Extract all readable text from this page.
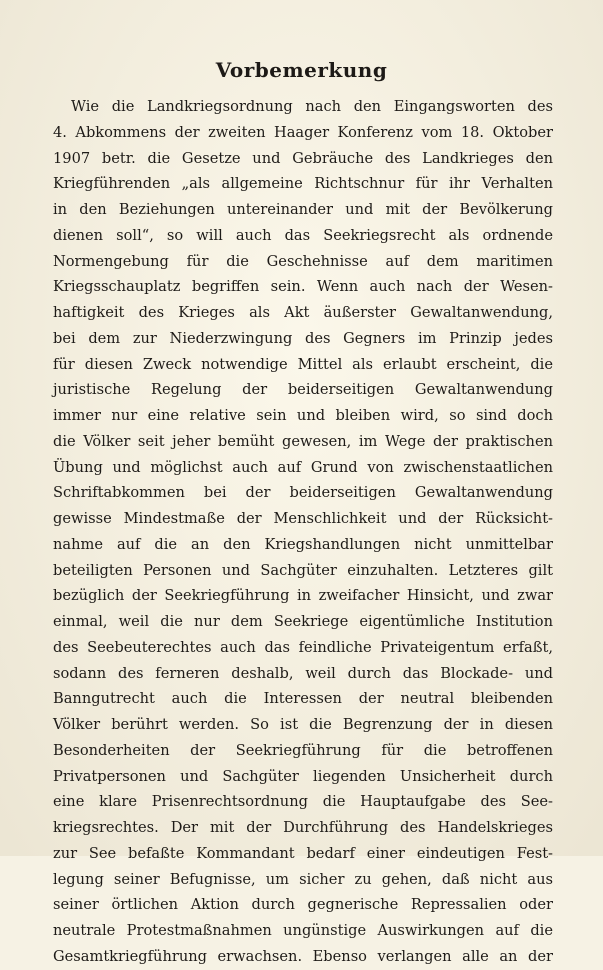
Vorbemerkung
Wie die Landkriegsordnung nach den Eingangsworten des
4. Abkommens der zweiten Haager Konferenz vom 18. Oktober
1907 betr. die Gesetze und Gebräuche des Landkrieges den
Kriegführenden „als allgemeine Richtschnur für ihr Verhalten
in den Beziehungen untereinander und mit der Bevölkerung
dienen soll“, so will auch das Seekriegsrecht als ordnende
Normengebung für die Geschehnisse auf dem maritimen
Kriegsschauplatz begriffen sein. Wenn auch nach der Wesen-
haftigkeit des Krieges als Akt äußerster Gewaltanwendung,
bei dem zur Niederzwingung des Gegners im Prinzip jedes
für diesen Zweck notwendige Mittel als erlaubt erscheint, die
juristische Regelung der beiderseitigen Gewaltanwendung
immer nur eine relative sein und bleiben wird, so sind doch
die Völker seit jeher bemüht gewesen, im Wege der praktischen
Übung und möglichst auch auf Grund von zwischenstaatlichen
Schriftabkommen bei der beiderseitigen Gewaltanwendung
gewisse Mindestmaße der Menschlichkeit und der Rücksicht-
nahme auf die an den Kriegshandlungen nicht unmittelbar
beteiligten Personen und Sachgüter einzuhalten. Letzteres gilt
bezüglich der Seekriegführung in zweifacher Hinsicht, und zwar
einmal, weil die nur dem Seekriege eigentümliche Institution
des Seebeuterechtes auch das feindliche Privateigentum erfaßt,
sodann des ferneren deshalb, weil durch das Blockade- und
Banngutrecht auch die Interessen der neutral bleibenden
Völker berührt werden. So ist die Begrenzung der in diesen
Besonderheiten der Seekriegführung für die betroffenen
Privatpersonen und Sachgüter liegenden Unsicherheit durch
eine klare Prisenrechtsordnung die Hauptaufgabe des See-
kriegsrechtes. Der mit der Durchführung des Handelskrieges
zur See befaßte Kommandant bedarf einer eindeutigen Fest-
legung seiner Befugnisse, um sicher zu gehen, daß nicht aus
seiner örtlichen Aktion durch gegnerische Repressalien oder
neutrale Protestmaßnahmen ungünstige Auswirkungen auf die
Gesamtkriegführung erwachsen. Ebenso verlangen alle an der
